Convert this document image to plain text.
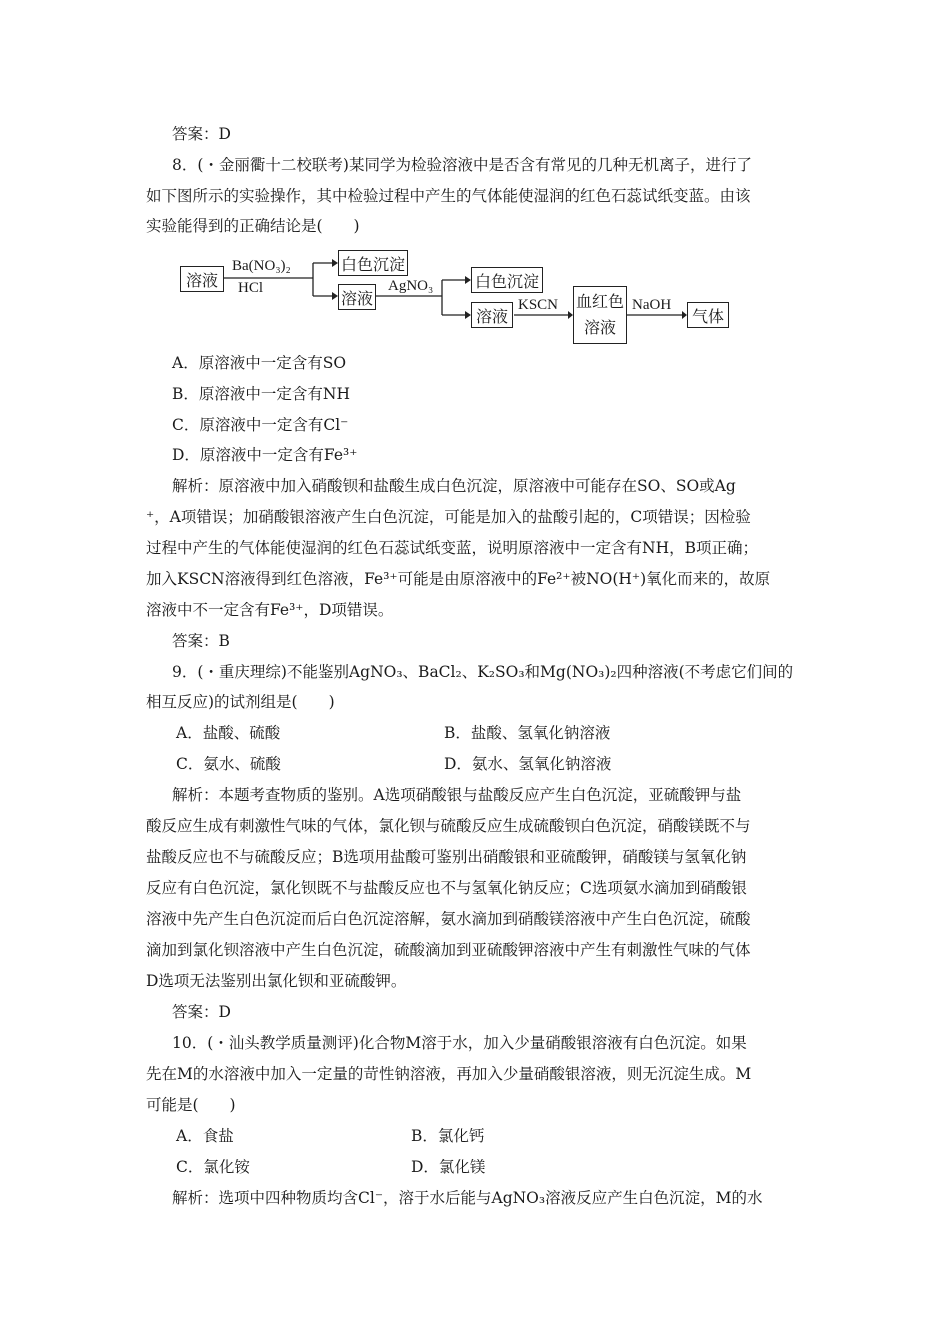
答案：D
8．(・金丽衢十二校联考)某同学为检验溶液中是否含有常见的几种无机离子，进行了
如下图所示的实验操作，其中检验过程中产生的气体能使湿润的红色石蕊试纸变蓝。由该
实验能得到的正确结论是(　　)
溶液
Ba(NO₃)₂
HCl
白色沉淀
溶液
AgNO₃	白色沉淀
溶液
KSCN 血红色
溶液
NaOH
气体
A．原溶液中一定含有SO
B．原溶液中一定含有NH
C．原溶液中一定含有Cl⁻
D．原溶液中一定含有Fe³⁺
解析：原溶液中加入硝酸钡和盐酸生成白色沉淀，原溶液中可能存在SO、SO或Ag
⁺，A项错误；加硝酸银溶液产生白色沉淀，可能是加入的盐酸引起的，C项错误；因检验
过程中产生的气体能使湿润的红色石蕊试纸变蓝，说明原溶液中一定含有NH，B项正确；
加入KSCN溶液得到红色溶液，Fe³⁺可能是由原溶液中的Fe²⁺被NO(H⁺)氧化而来的，故原
溶液中不一定含有Fe³⁺，D项错误。
答案：B
9．(・重庆理综)不能鉴别AgNO₃、BaCl₂、K₂SO₃和Mg(NO₃)₂四种溶液(不考虑它们间的
相互反应)的试剂组是(　　)
A．盐酸、硫酸	B．盐酸、氢氧化钠溶液
C．氨水、硫酸	D．氨水、氢氧化钠溶液
解析：本题考查物质的鉴别。A选项硝酸银与盐酸反应产生白色沉淀，亚硫酸钾与盐
酸反应生成有刺激性气味的气体，氯化钡与硫酸反应生成硫酸钡白色沉淀，硝酸镁既不与
盐酸反应也不与硫酸反应；B选项用盐酸可鉴别出硝酸银和亚硫酸钾，硝酸镁与氢氧化钠
反应有白色沉淀，氯化钡既不与盐酸反应也不与氢氧化钠反应；C选项氨水滴加到硝酸银
溶液中先产生白色沉淀而后白色沉淀溶解，氨水滴加到硝酸镁溶液中产生白色沉淀，硫酸
滴加到氯化钡溶液中产生白色沉淀，硫酸滴加到亚硫酸钾溶液中产生有刺激性气味的气体
D选项无法鉴别出氯化钡和亚硫酸钾。
答案：D
10．(・汕头教学质量测评)化合物M溶于水，加入少量硝酸银溶液有白色沉淀。如果
先在M的水溶液中加入一定量的苛性钠溶液，再加入少量硝酸银溶液，则无沉淀生成。M
可能是(　　)
A．食盐	B．氯化钙
C．氯化铵	D．氯化镁
解析：选项中四种物质均含Cl⁻，溶于水后能与AgNO₃溶液反应产生白色沉淀，M的水
